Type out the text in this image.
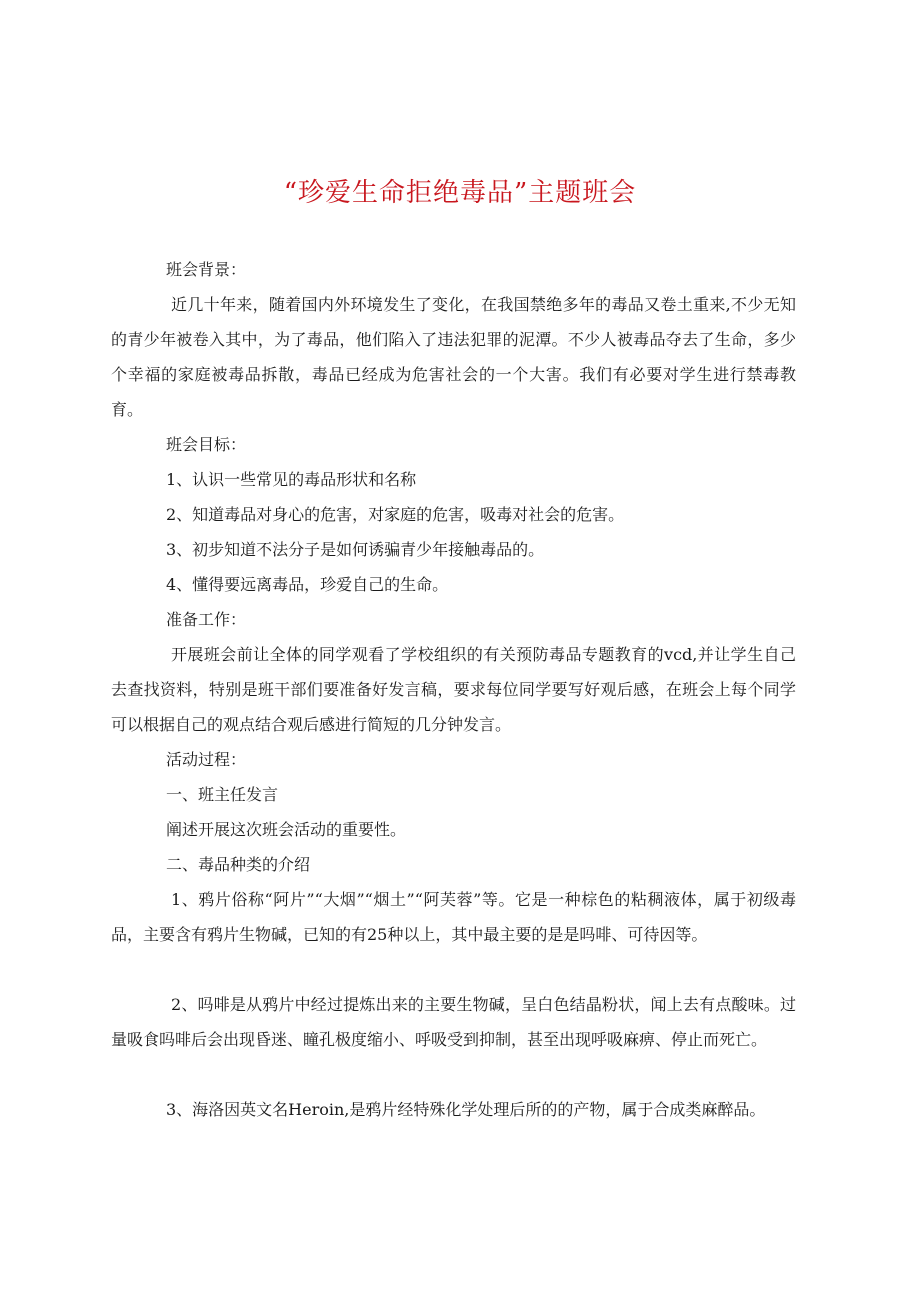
“珍爱生命拒绝毒品”主题班会

班会背景：

近几十年来，随着国内外环境发生了变化，在我国禁绝多年的毒品又卷土重来,不少无知的青少年被卷入其中，为了毒品，他们陷入了违法犯罪的泥潭。不少人被毒品夺去了生命，多少个幸福的家庭被毒品拆散，毒品已经成为危害社会的一个大害。我们有必要对学生进行禁毒教育。

班会目标：

1、认识一些常见的毒品形状和名称

2、知道毒品对身心的危害，对家庭的危害，吸毒对社会的危害。

3、初步知道不法分子是如何诱骗青少年接触毒品的。

4、懂得要远离毒品，珍爱自己的生命。

准备工作：

开展班会前让全体的同学观看了学校组织的有关预防毒品专题教育的vcd,并让学生自己去查找资料，特别是班干部们要准备好发言稿，要求每位同学要写好观后感，在班会上每个同学可以根据自己的观点结合观后感进行简短的几分钟发言。

活动过程：

一、班主任发言

阐述开展这次班会活动的重要性。

二、毒品种类的介绍

1、鸦片俗称“阿片”“大烟”“烟土”“阿芙蓉”等。它是一种棕色的粘稠液体，属于初级毒品，主要含有鸦片生物碱，已知的有25种以上，其中最主要的是是吗啡、可待因等。

2、吗啡是从鸦片中经过提炼出来的主要生物碱，呈白色结晶粉状，闻上去有点酸味。过量吸食吗啡后会出现昏迷、瞳孔极度缩小、呼吸受到抑制，甚至出现呼吸麻痹、停止而死亡。

3、海洛因英文名Heroin,是鸦片经特殊化学处理后所的的产物，属于合成类麻醉品。
